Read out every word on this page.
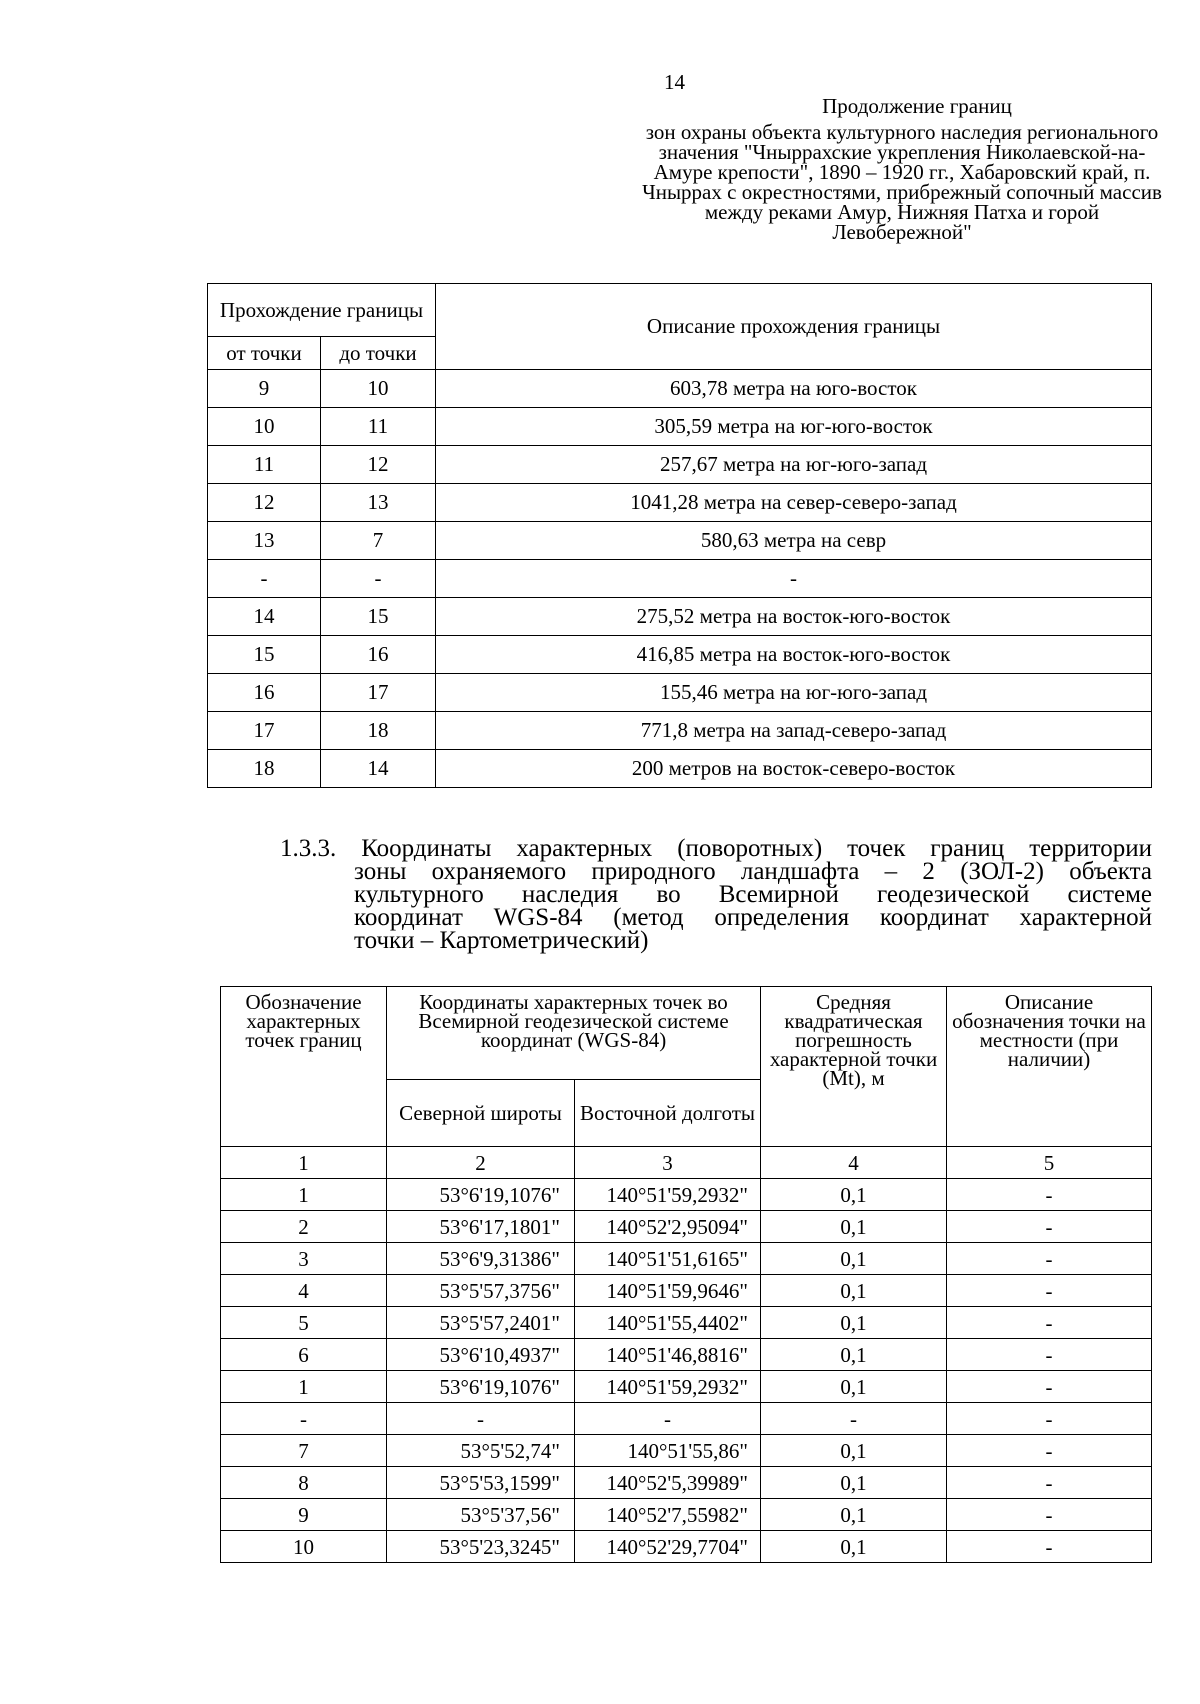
14
Продолжение границ
зон охраны объекта культурного наследия регионального значения "Чныррахские укрепления Николаевской-на-Амуре крепости", 1890 – 1920 гг., Хабаровский край, п. Чныррах с окрестностями, прибрежный сопочный массив между реками Амур, Нижняя Патха и горой Левобережной"
Прохождение границы		Описание прохождения границы
от точки	до точки	
9	10	603,78 метра на юго-восток
10	11	305,59 метра на юг-юго-восток
11	12	257,67 метра на юг-юго-запад
12	13	1041,28 метра на север-северо-запад
13	7	580,63 метра на севр
-	-	-
14	15	275,52 метра на восток-юго-восток
15	16	416,85 метра на восток-юго-восток
16	17	155,46 метра на юг-юго-запад
17	18	771,8 метра на запад-северо-запад
18	14	200 метров на восток-северо-восток
1.3.3. Координаты характерных (поворотных) точек границ территории
зоны охраняемого природного ландшафта – 2 (ЗОЛ-2) объекта
культурного наследия во Всемирной геодезической системе
координат WGS-84 (метод определения координат характерной
точки – Картометрический)
Обозначение характерных точек границ	Координаты характерных точек во Всемирной геодезической системе координат (WGS-84)		Средняя квадратическая погрешность характерной точки (Mt), м	Описание обозначения точки на местности (при наличии)
	Северной широты	Восточной долготы		
1	2	3	4	5
1	53°6'19,1076"	140°51'59,2932"	0,1	-
2	53°6'17,1801"	140°52'2,95094"	0,1	-
3	53°6'9,31386"	140°51'51,6165"	0,1	-
4	53°5'57,3756"	140°51'59,9646"	0,1	-
5	53°5'57,2401"	140°51'55,4402"	0,1	-
6	53°6'10,4937"	140°51'46,8816"	0,1	-
1	53°6'19,1076"	140°51'59,2932"	0,1	-
-	-	-	-	-
7	53°5'52,74"	140°51'55,86"	0,1	-
8	53°5'53,1599"	140°52'5,39989"	0,1	-
9	53°5'37,56"	140°52'7,55982"	0,1	-
10	53°5'23,3245"	140°52'29,7704"	0,1	-
